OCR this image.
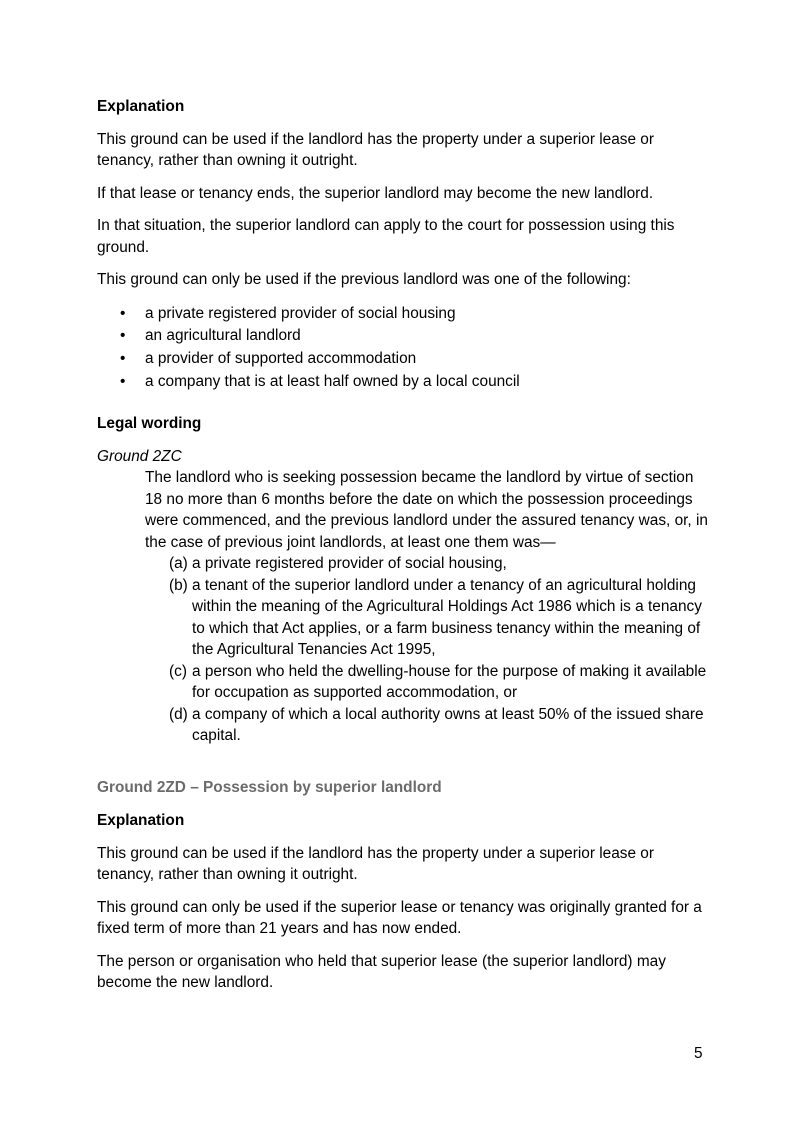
Explanation

This ground can be used if the landlord has the property under a superior lease or tenancy, rather than owning it outright.

If that lease or tenancy ends, the superior landlord may become the new landlord.

In that situation, the superior landlord can apply to the court for possession using this ground.

This ground can only be used if the previous landlord was one of the following:

• a private registered provider of social housing
• an agricultural landlord
• a provider of supported accommodation
• a company that is at least half owned by a local council
Legal wording

Ground 2ZC

The landlord who is seeking possession became the landlord by virtue of section 18 no more than 6 months before the date on which the possession proceedings were commenced, and the previous landlord under the assured tenancy was, or, in the case of previous joint landlords, at least one them was—

(a) a private registered provider of social housing,
(b) a tenant of the superior landlord under a tenancy of an agricultural holding within the meaning of the Agricultural Holdings Act 1986 which is a tenancy to which that Act applies, or a farm business tenancy within the meaning of the Agricultural Tenancies Act 1995,
(c) a person who held the dwelling-house for the purpose of making it available for occupation as supported accommodation, or
(d) a company of which a local authority owns at least 50% of the issued share capital.
Ground 2ZD – Possession by superior landlord
Explanation

This ground can be used if the landlord has the property under a superior lease or tenancy, rather than owning it outright.

This ground can only be used if the superior lease or tenancy was originally granted for a fixed term of more than 21 years and has now ended.

The person or organisation who held that superior lease (the superior landlord) may become the new landlord.

5
